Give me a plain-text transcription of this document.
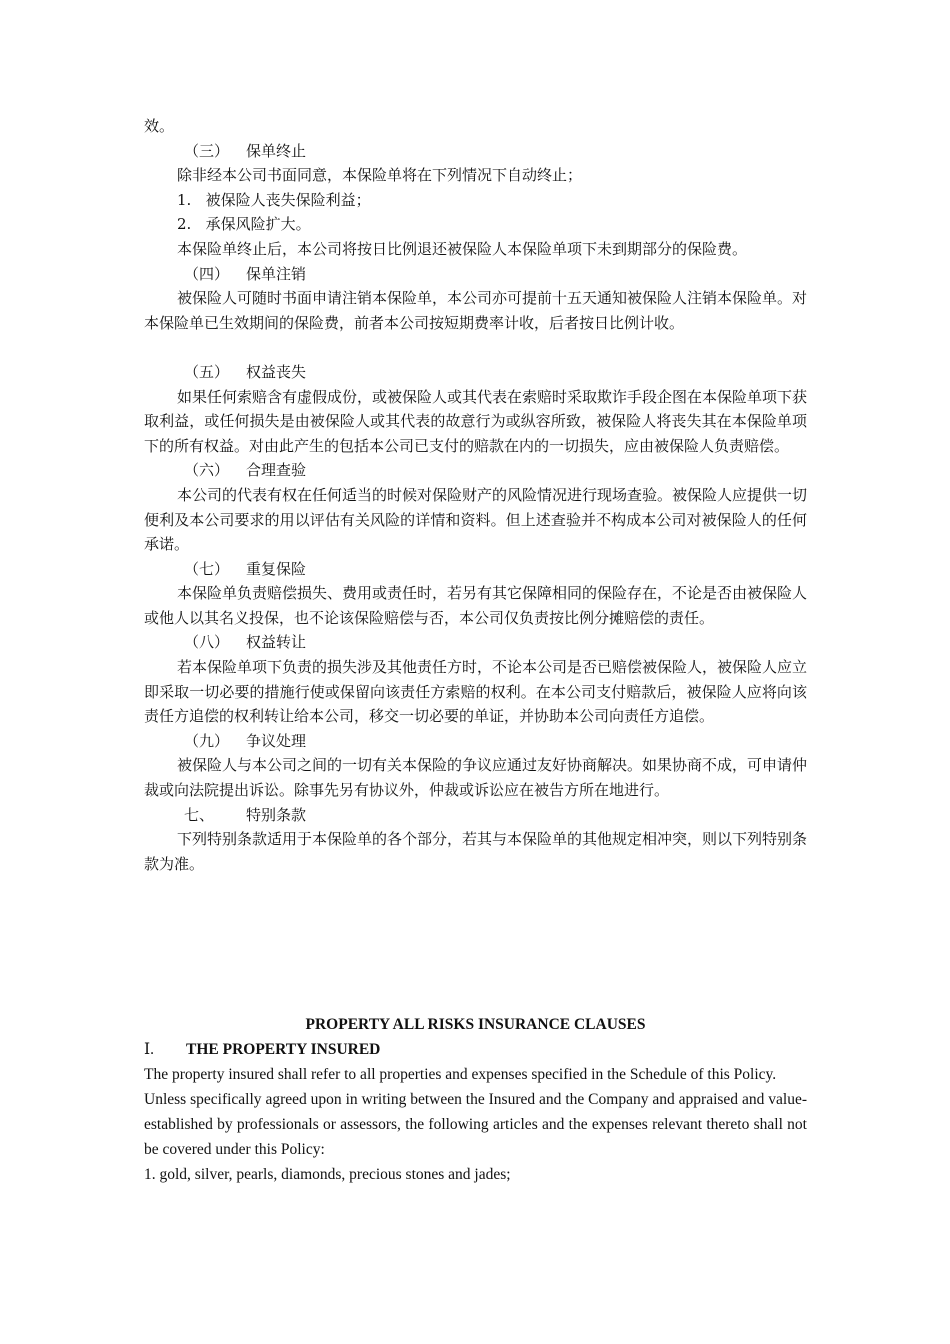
效。

（三） 保单终止

除非经本公司书面同意，本保险单将在下列情况下自动终止；

1.   被保险人丧失保险利益；

2.   承保风险扩大。

本保险单终止后，本公司将按日比例退还被保险人本保险单项下未到期部分的保险费。

（四） 保单注销

被保险人可随时书面申请注销本保险单，本公司亦可提前十五天通知被保险人注销本保险单。对本保险单已生效期间的保险费，前者本公司按短期费率计收，后者按日比例计收。

（五） 权益丧失

如果任何索赔含有虚假成份，或被保险人或其代表在索赔时采取欺诈手段企图在本保险单项下获取利益，或任何损失是由被保险人或其代表的故意行为或纵容所致，被保险人将丧失其在本保险单项下的所有权益。对由此产生的包括本公司已支付的赔款在内的一切损失，应由被保险人负责赔偿。

（六） 合理查验

本公司的代表有权在任何适当的时候对保险财产的风险情况进行现场查验。被保险人应提供一切便利及本公司要求的用以评估有关风险的详情和资料。但上述查验并不构成本公司对被保险人的任何承诺。

（七） 重复保险

本保险单负责赔偿损失、费用或责任时，若另有其它保障相同的保险存在，不论是否由被保险人或他人以其名义投保，也不论该保险赔偿与否，本公司仅负责按比例分摊赔偿的责任。

（八） 权益转让

若本保险单项下负责的损失涉及其他责任方时，不论本公司是否已赔偿被保险人，被保险人应立即采取一切必要的措施行使或保留向该责任方索赔的权利。在本公司支付赔款后，被保险人应将向该责任方追偿的权利转让给本公司，移交一切必要的单证，并协助本公司向责任方追偿。

（九） 争议处理

被保险人与本公司之间的一切有关本保险的争议应通过友好协商解决。如果协商不成，可申请仲裁或向法院提出诉讼。除事先另有协议外，仲裁或诉讼应在被告方所在地进行。

七、 特别条款

下列特别条款适用于本保险单的各个部分，若其与本保险单的其他规定相冲突，则以下列特别条款为准。

PROPERTY ALL RISKS INSURANCE CLAUSES

Ⅰ. THE PROPERTY INSURED

The property insured shall refer to all properties and expenses specified in the Schedule of this Policy.

Unless specifically agreed upon in writing between the Insured and the Company and appraised and value-established by professionals or assessors, the following articles and the expenses relevant thereto shall not be covered under this Policy:

1. gold, silver, pearls, diamonds, precious stones and jades;
